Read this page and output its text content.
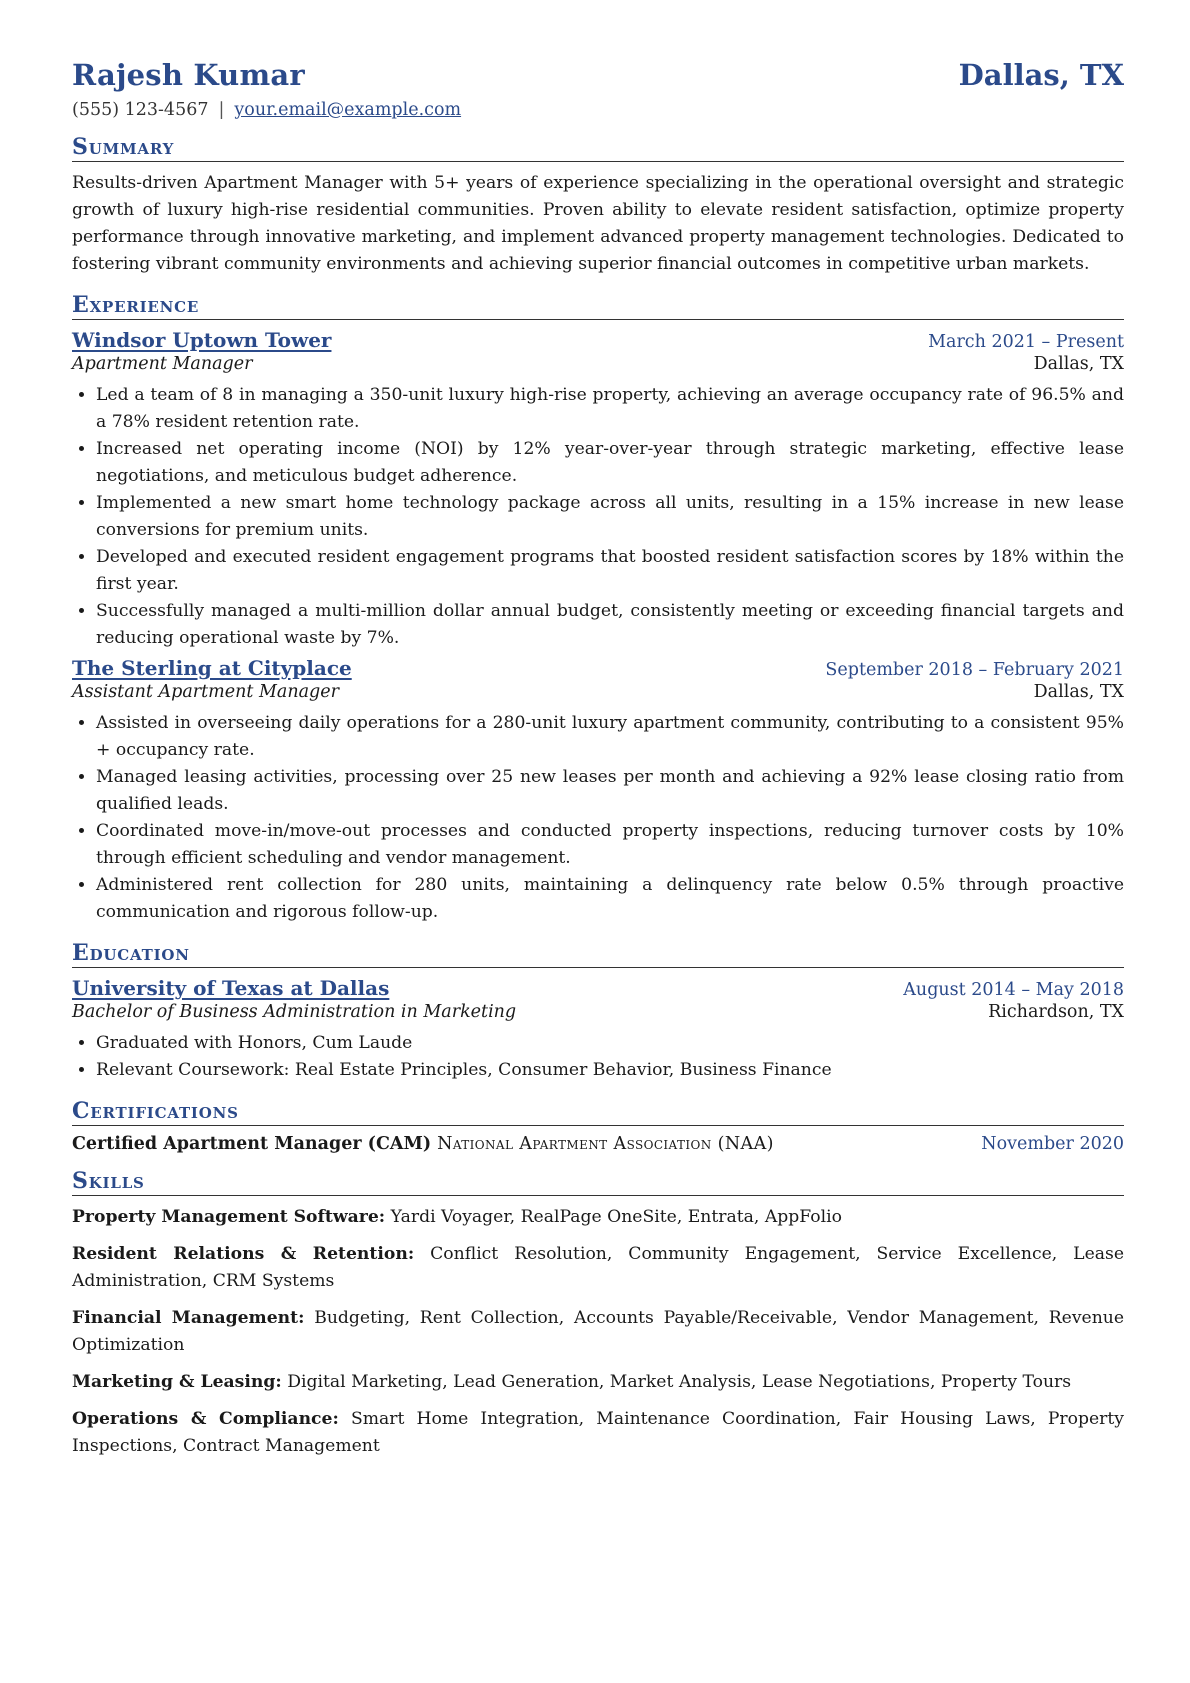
Rajesh Kumar	Dallas, TX
(555) 123-4567 | your.email@example.com
Summary
Results-driven Apartment Manager with 5+ years of experience specializing in the operational oversight and strategic growth of luxury high-rise residential communities. Proven ability to elevate resident satisfaction, optimize property performance through innovative marketing, and implement advanced property management technologies. Dedicated to fostering vibrant community environments and achieving superior financial outcomes in competitive urban markets.
Experience
Windsor Uptown Tower	March 2021 – Present
Apartment Manager	Dallas, TX
• Led a team of 8 in managing a 350-unit luxury high-rise property, achieving an average occupancy rate of 96.5% and a 78% resident retention rate.
• Increased net operating income (NOI) by 12% year-over-year through strategic marketing, effective lease negotiations, and meticulous budget adherence.
• Implemented a new smart home technology package across all units, resulting in a 15% increase in new lease conversions for premium units.
• Developed and executed resident engagement programs that boosted resident satisfaction scores by 18% within the first year.
• Successfully managed a multi-million dollar annual budget, consistently meeting or exceeding financial targets and reducing operational waste by 7%.
The Sterling at Cityplace	September 2018 – February 2021
Assistant Apartment Manager	Dallas, TX
• Assisted in overseeing daily operations for a 280-unit luxury apartment community, contributing to a consistent 95% + occupancy rate.
• Managed leasing activities, processing over 25 new leases per month and achieving a 92% lease closing ratio from qualified leads.
• Coordinated move-in/move-out processes and conducted property inspections, reducing turnover costs by 10% through efficient scheduling and vendor management.
• Administered rent collection for 280 units, maintaining a delinquency rate below 0.5% through proactive communication and rigorous follow-up.
Education
University of Texas at Dallas	August 2014 – May 2018
Bachelor of Business Administration in Marketing	Richardson, TX
• Graduated with Honors, Cum Laude
• Relevant Coursework: Real Estate Principles, Consumer Behavior, Business Finance
Certifications
Certified Apartment Manager (CAM) National Apartment Association (NAA)	November 2020
Skills
Property Management Software: Yardi Voyager, RealPage OneSite, Entrata, AppFolio
Resident Relations & Retention: Conflict Resolution, Community Engagement, Service Excellence, Lease Administration, CRM Systems
Financial Management: Budgeting, Rent Collection, Accounts Payable/Receivable, Vendor Management, Revenue Optimization
Marketing & Leasing: Digital Marketing, Lead Generation, Market Analysis, Lease Negotiations, Property Tours
Operations & Compliance: Smart Home Integration, Maintenance Coordination, Fair Housing Laws, Property Inspections, Contract Management
